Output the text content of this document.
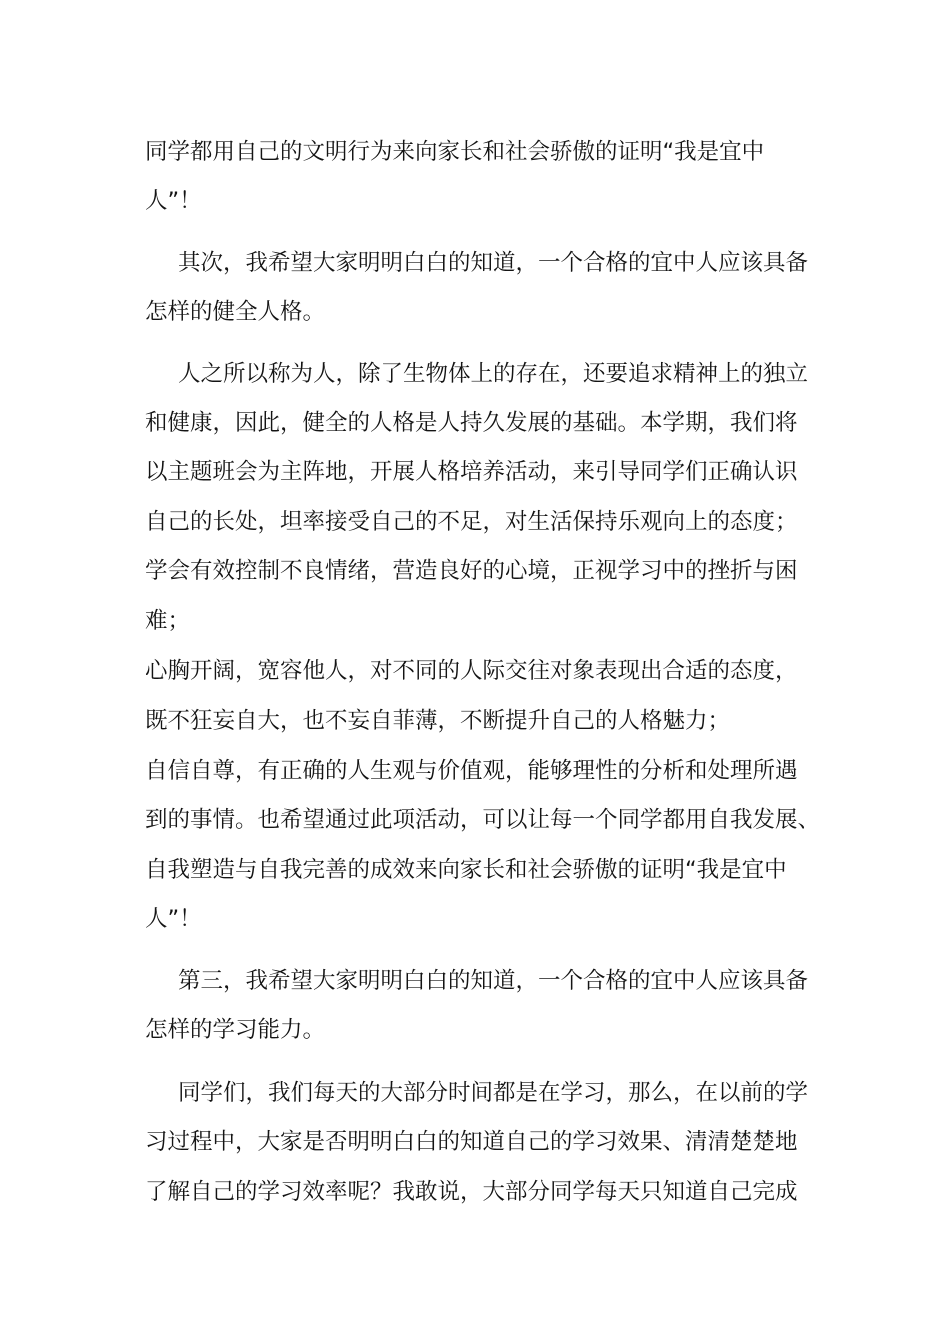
同学都用自己的文明行为来向家长和社会骄傲的证明“我是宜中
人”！
其次，我希望大家明明白白的知道，一个合格的宜中人应该具备
怎样的健全人格。
人之所以称为人，除了生物体上的存在，还要追求精神上的独立
和健康，因此，健全的人格是人持久发展的基础。本学期，我们将
以主题班会为主阵地，开展人格培养活动，来引导同学们正确认识
自己的长处，坦率接受自己的不足，对生活保持乐观向上的态度；
学会有效控制不良情绪，营造良好的心境，正视学习中的挫折与困
难；
心胸开阔，宽容他人，对不同的人际交往对象表现出合适的态度，
既不狂妄自大，也不妄自菲薄，不断提升自己的人格魅力；
自信自尊，有正确的人生观与价值观，能够理性的分析和处理所遇
到的事情。也希望通过此项活动，可以让每一个同学都用自我发展、
自我塑造与自我完善的成效来向家长和社会骄傲的证明“我是宜中
人”！
第三，我希望大家明明白白的知道，一个合格的宜中人应该具备
怎样的学习能力。
同学们，我们每天的大部分时间都是在学习，那么，在以前的学
习过程中，大家是否明明白白的知道自己的学习效果、清清楚楚地
了解自己的学习效率呢？我敢说，大部分同学每天只知道自己完成
